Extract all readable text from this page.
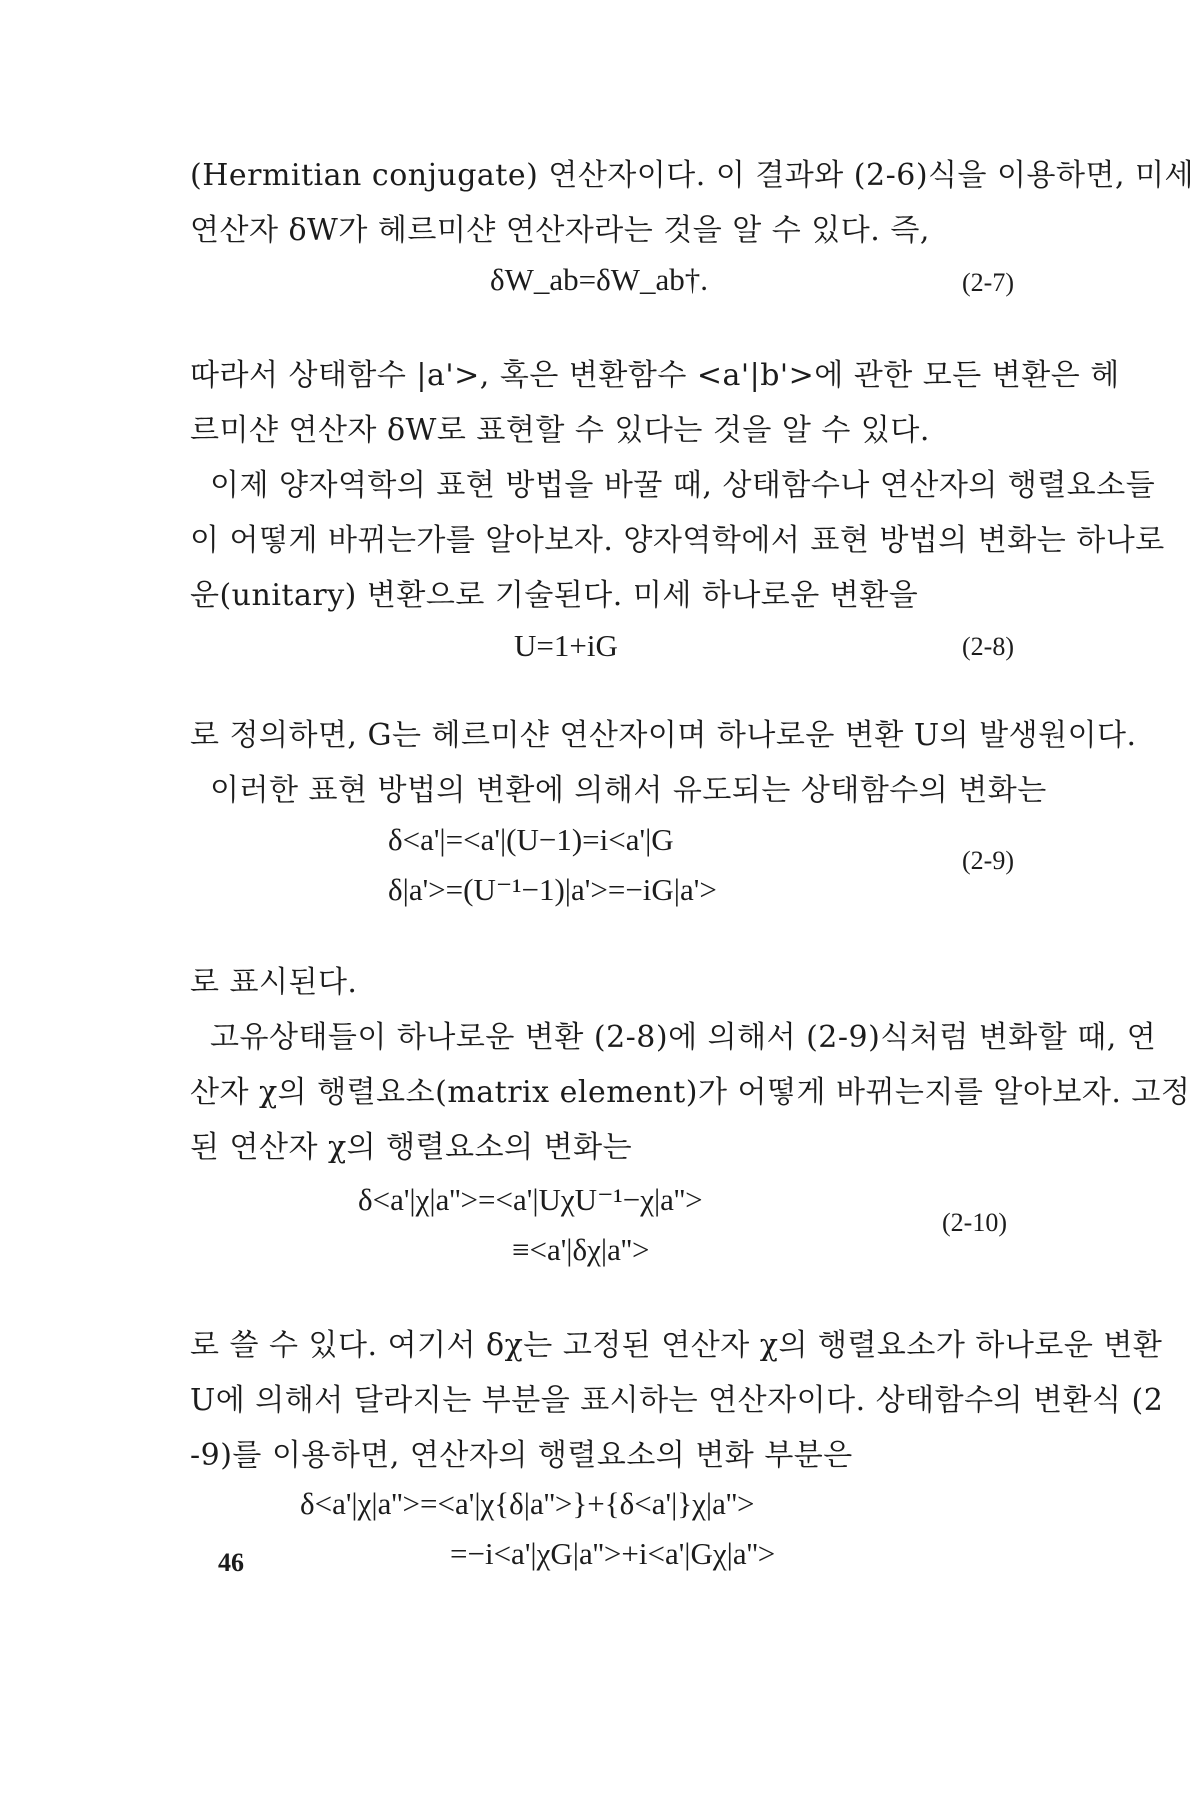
(Hermitian conjugate) 연산자이다. 이 결과와 (2-6)식을 이용하면, 미세
연산자 δW가 헤르미샨 연산자라는 것을 알 수 있다. 즉,
δW_ab=δW_ab†.	(2-7)
따라서 상태함수 |a'>, 혹은 변환함수 <a'|b'>에 관한 모든 변환은 헤
르미샨 연산자 δW로 표현할 수 있다는 것을 알 수 있다.
이제 양자역학의 표현 방법을 바꿀 때, 상태함수나 연산자의 행렬요소들
이 어떻게 바뀌는가를 알아보자. 양자역학에서 표현 방법의 변화는 하나로
운(unitary) 변환으로 기술된다. 미세 하나로운 변환을
U=1+iG	(2-8)
로 정의하면, G는 헤르미샨 연산자이며 하나로운 변환 U의 발생원이다.
이러한 표현 방법의 변환에 의해서 유도되는 상태함수의 변화는
δ<a'|=<a'|(U−1)=i<a'|G
δ|a'>=(U⁻¹−1)|a'>=−iG|a'>
(2-9)
로 표시된다.
고유상태들이 하나로운 변환 (2-8)에 의해서 (2-9)식처럼 변화할 때, 연
산자 χ의 행렬요소(matrix element)가 어떻게 바뀌는지를 알아보자. 고정
된 연산자 χ의 행렬요소의 변화는
δ<a'|χ|a''>=<a'|UχU⁻¹−χ|a''>
≡<a'|δχ|a''>
(2-10)
로 쓸 수 있다. 여기서 δχ는 고정된 연산자 χ의 행렬요소가 하나로운 변환
U에 의해서 달라지는 부분을 표시하는 연산자이다. 상태함수의 변환식 (2
-9)를 이용하면, 연산자의 행렬요소의 변화 부분은
δ<a'|χ|a''>=<a'|χ{δ|a''>}+{δ<a'|}χ|a''>
=−i<a'|χG|a''>+i<a'|Gχ|a''>
46
